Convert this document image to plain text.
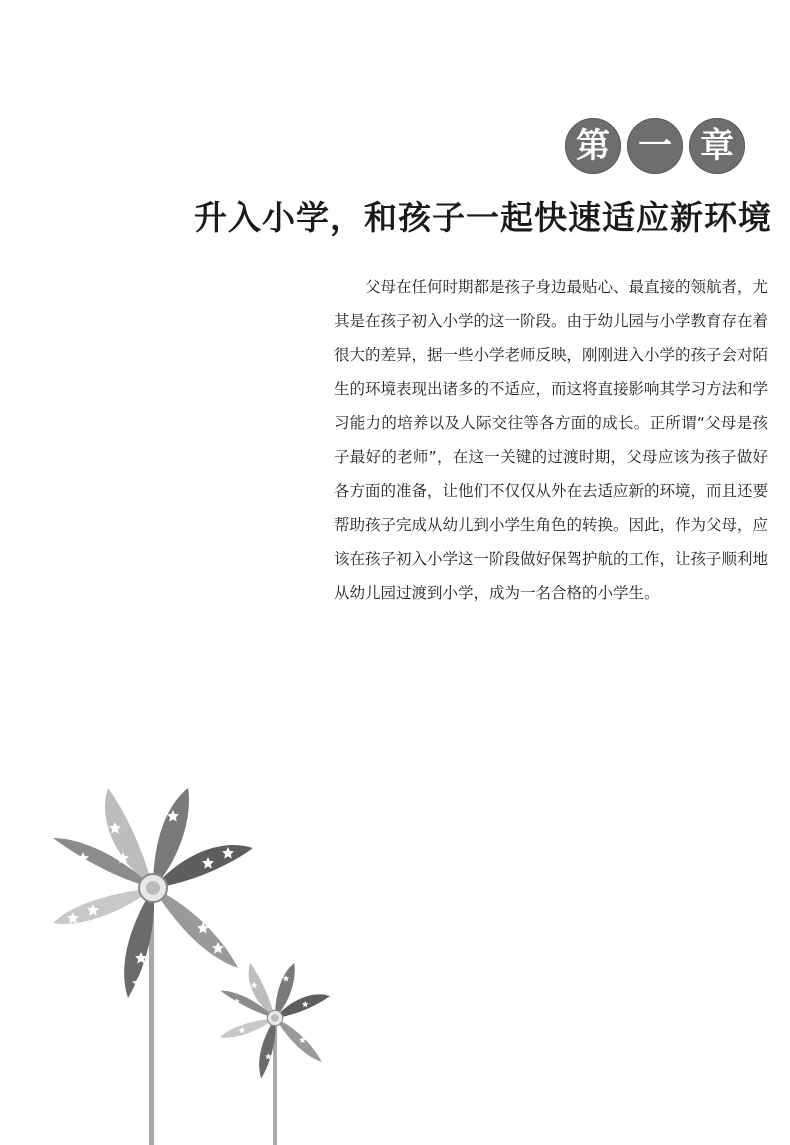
第 一 章
升入小学，和孩子一起快速适应新环境

父母在任何时期都是孩子身边最贴心、最直接的领航者，尤其是在孩子初入小学的这一阶段。由于幼儿园与小学教育存在着很大的差异，据一些小学老师反映，刚刚进入小学的孩子会对陌生的环境表现出诸多的不适应，而这将直接影响其学习方法和学习能力的培养以及人际交往等各方面的成长。正所谓“父母是孩子最好的老师”，在这一关键的过渡时期，父母应该为孩子做好各方面的准备，让他们不仅仅从外在去适应新的环境，而且还要帮助孩子完成从幼儿到小学生角色的转换。因此，作为父母，应该在孩子初入小学这一阶段做好保驾护航的工作，让孩子顺利地从幼儿园过渡到小学，成为一名合格的小学生。
